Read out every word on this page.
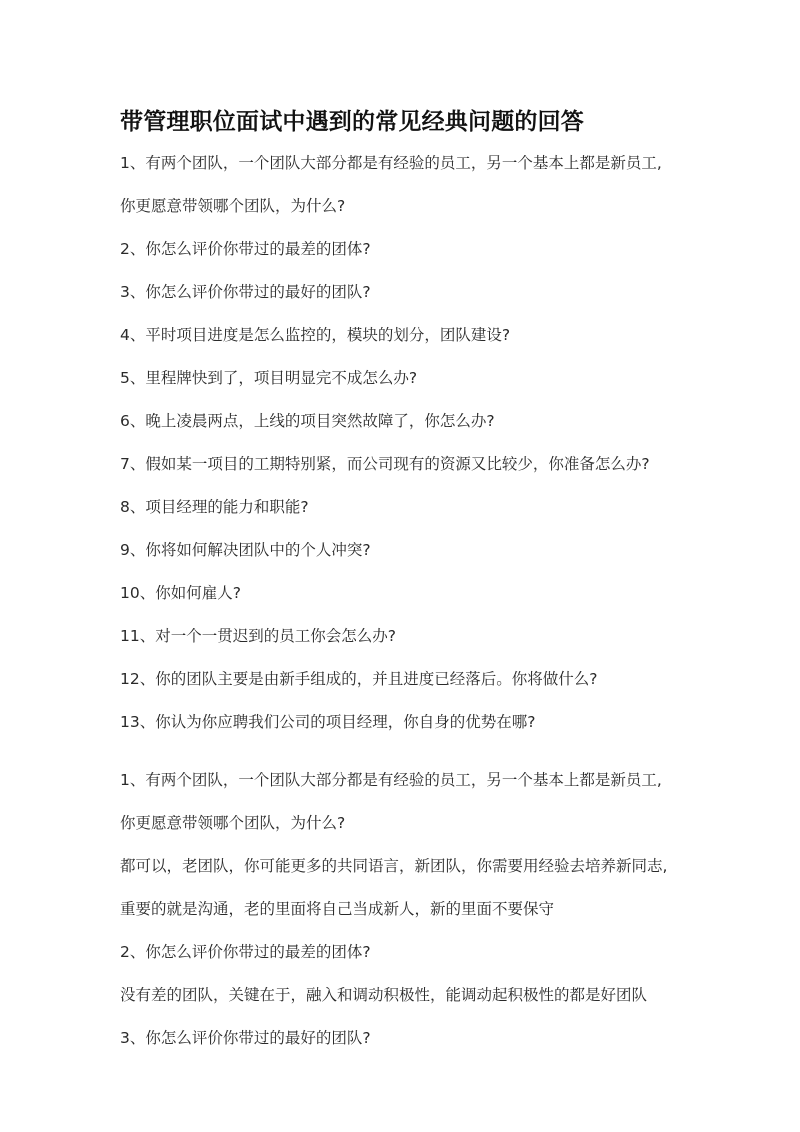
带管理职位面试中遇到的常见经典问题的回答

1、有两个团队，一个团队大部分都是有经验的员工，另一个基本上都是新员工,

你更愿意带领哪个团队，为什么?

2、你怎么评价你带过的最差的团体?

3、你怎么评价你带过的最好的团队?

4、平时项目进度是怎么监控的，模块的划分，团队建设?

5、里程牌快到了，项目明显完不成怎么办?

6、晚上凌晨两点，上线的项目突然故障了，你怎么办?

7、假如某一项目的工期特别紧，而公司现有的资源又比较少，你准备怎么办?

8、项目经理的能力和职能?

9、你将如何解决团队中的个人冲突?

10、你如何雇人?

11、对一个一贯迟到的员工你会怎么办?

12、你的团队主要是由新手组成的，并且进度已经落后。你将做什么?

13、你认为你应聘我们公司的项目经理，你自身的优势在哪?

1、有两个团队，一个团队大部分都是有经验的员工，另一个基本上都是新员工,

你更愿意带领哪个团队，为什么?

都可以，老团队，你可能更多的共同语言，新团队，你需要用经验去培养新同志,

重要的就是沟通，老的里面将自己当成新人，新的里面不要保守

2、你怎么评价你带过的最差的团体?

没有差的团队，关键在于，融入和调动积极性，能调动起积极性的都是好团队

3、你怎么评价你带过的最好的团队?
